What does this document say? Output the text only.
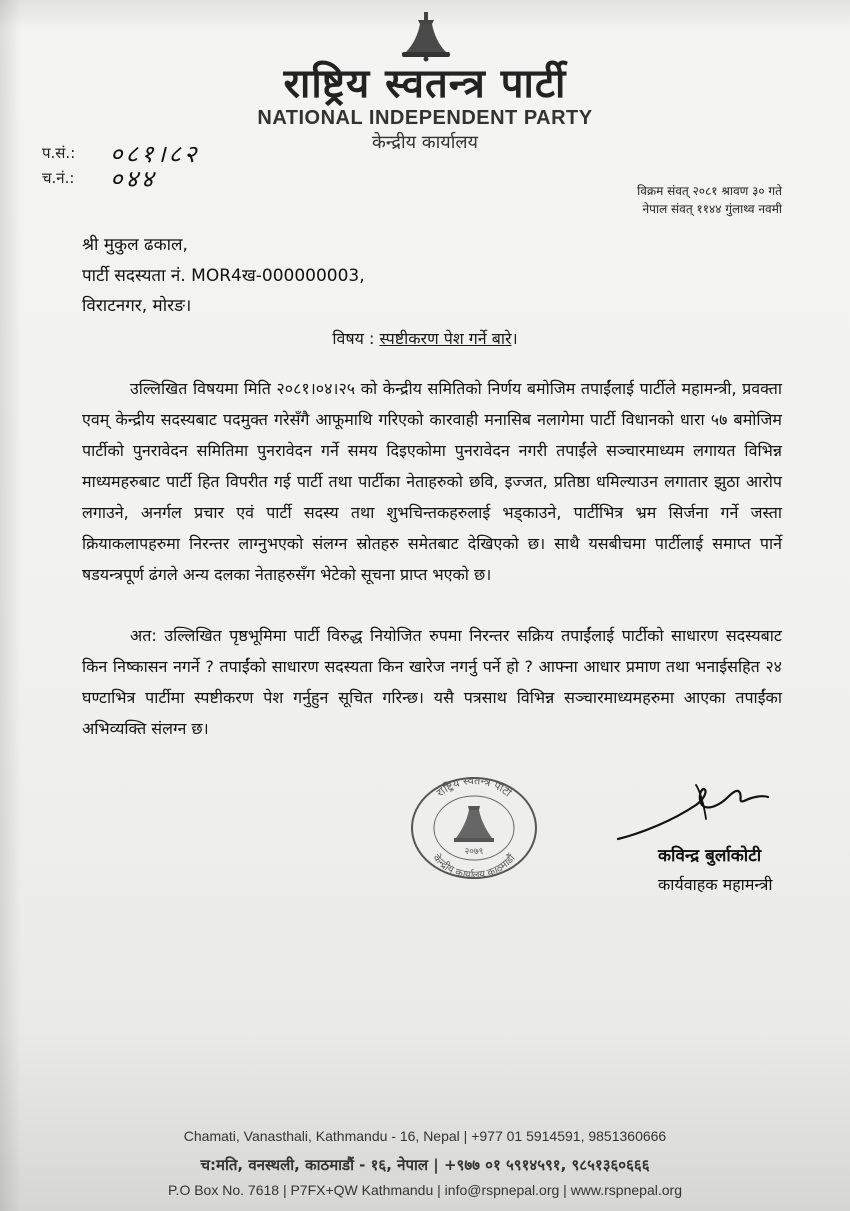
राष्ट्रिय स्वतन्त्र पार्टी
NATIONAL INDEPENDENT PARTY
केन्द्रीय कार्यालय
प.सं.: ०८१।८२
च.नं.: ०४४	विक्रम संवत् २०८१ श्रावण ३० गते
नेपाल संवत् ११४४ गुंलाथ्व नवमी
श्री मुकुल ढकाल,
पार्टी सदस्यता नं. MOR4ख-000000003,
विराटनगर, मोरङ।
विषय : स्पष्टीकरण पेश गर्ने बारे।

उल्लिखित विषयमा मिति २०८१।०४।२५ को केन्द्रीय समितिको निर्णय बमोजिम तपाईंलाई पार्टीले महामन्त्री, प्रवक्ता एवम् केन्द्रीय सदस्यबाट पदमुक्त गरेसँगै आफूमाथि गरिएको कारवाही मनासिब नलागेमा पार्टी विधानको धारा ५७ बमोजिम पार्टीको पुनरावेदन समितिमा पुनरावेदन गर्ने समय दिइएकोमा पुनरावेदन नगरी तपाईंले सञ्चारमाध्यम लगायत विभिन्न माध्यमहरुबाट पार्टी हित विपरीत गई पार्टी तथा पार्टीका नेताहरुको छवि, इज्जत, प्रतिष्ठा धमिल्याउन लगातार झुठा आरोप लगाउने, अनर्गल प्रचार एवं पार्टी सदस्य तथा शुभचिन्तकहरुलाई भड्काउने, पार्टीभित्र भ्रम सिर्जना गर्ने जस्ता क्रियाकलापहरुमा निरन्तर लाग्नुभएको संलग्न स्रोतहरु समेतबाट देखिएको छ। साथै यसबीचमा पार्टीलाई समाप्त पार्ने षडयन्त्रपूर्ण ढंगले अन्य दलका नेताहरुसँग भेटेको सूचना प्राप्त भएको छ।

अत: उल्लिखित पृष्ठभूमिमा पार्टी विरुद्ध नियोजित रुपमा निरन्तर सक्रिय तपाईंलाई पार्टीको साधारण सदस्यबाट किन निष्कासन नगर्ने ? तपाईंको साधारण सदस्यता किन खारेज नगर्नु पर्ने हो ? आफ्ना आधार प्रमाण तथा भनाईसहित २४ घण्टाभित्र पार्टीमा स्पष्टीकरण पेश गर्नुहुन सूचित गरिन्छ। यसै पत्रसाथ विभिन्न सञ्चारमाध्यमहरुमा आएका तपाईंका अभिव्यक्ति संलग्न छ।

राष्ट्रिय स्वतन्त्र पार्टी
केन्द्रीय कार्यालय काठमाडौं
२०७९	कविन्द्र बुर्लाकोटी
कार्यवाहक महामन्त्री
Chamati, Vanasthali, Kathmandu - 16, Nepal | +977 01 5914591, 9851360666
च:मति, वनस्थली, काठमाडौं - १६, नेपाल | +९७७ ०१ ५९१४५९१, ९८५१३६०६६६
P.O Box No. 7618 | P7FX+QW Kathmandu | info@rspnepal.org | www.rspnepal.org
